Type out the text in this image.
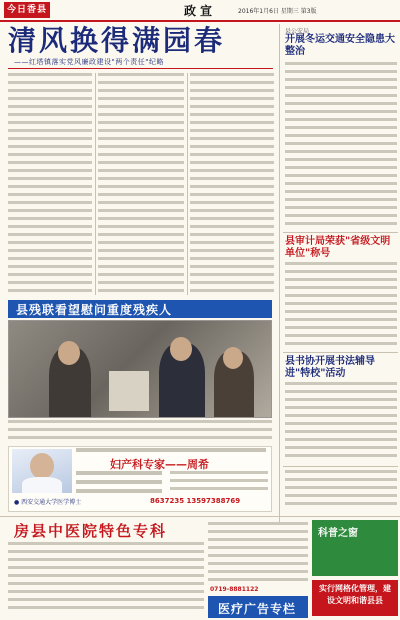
今日香县	政宣	2016年1月6日 星期三 第3版
清风换得满园春
——红塔镇落实党风廉政建设"两个责任"纪略
县残联看望慰问重度残疾人
妇产科专家——周希
8637235 13597388769
● 西安交通大学医学博士
房县中医院特色专科
0719-8881122
医疗广告专栏
县公安局
开展冬运交通安全隐患大整治
县审计局荣获"省级文明单位"称号
县书协开展书法辅导进"特校"活动
科普之窗
实行网格化管理，建设文明和谐县县
